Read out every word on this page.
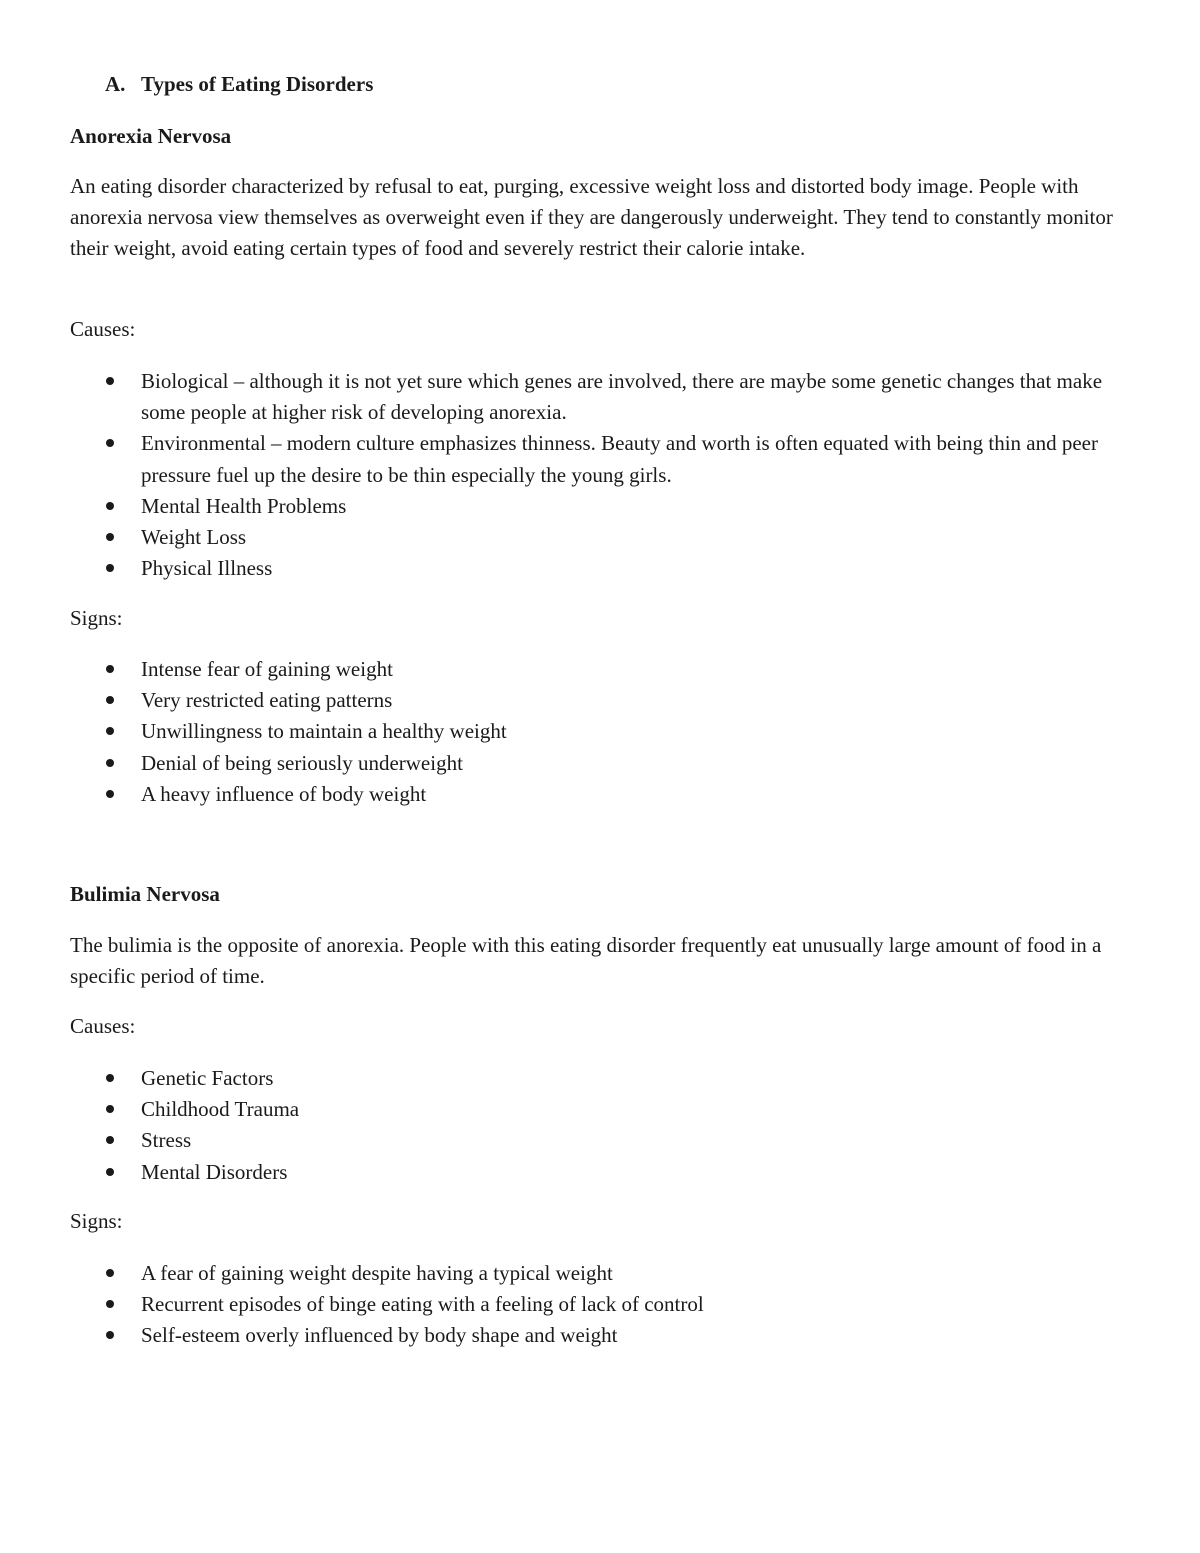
A. Types of Eating Disorders

Anorexia Nervosa

An eating disorder characterized by refusal to eat, purging, excessive weight loss and distorted body image. People with anorexia nervosa view themselves as overweight even if they are dangerously underweight. They tend to constantly monitor their weight, avoid eating certain types of food and severely restrict their calorie intake.

Causes:

Biological – although it is not yet sure which genes are involved, there are maybe some genetic changes that make some people at higher risk of developing anorexia.
Environmental – modern culture emphasizes thinness. Beauty and worth is often equated with being thin and peer pressure fuel up the desire to be thin especially the young girls.
Mental Health Problems
Weight Loss
Physical Illness

Signs:

Intense fear of gaining weight
Very restricted eating patterns
Unwillingness to maintain a healthy weight
Denial of being seriously underweight
A heavy influence of body weight

Bulimia Nervosa

The bulimia is the opposite of anorexia. People with this eating disorder frequently eat unusually large amount of food in a specific period of time.

Causes:

Genetic Factors
Childhood Trauma
Stress
Mental Disorders

Signs:

A fear of gaining weight despite having a typical weight
Recurrent episodes of binge eating with a feeling of lack of control
Self-esteem overly influenced by body shape and weight
